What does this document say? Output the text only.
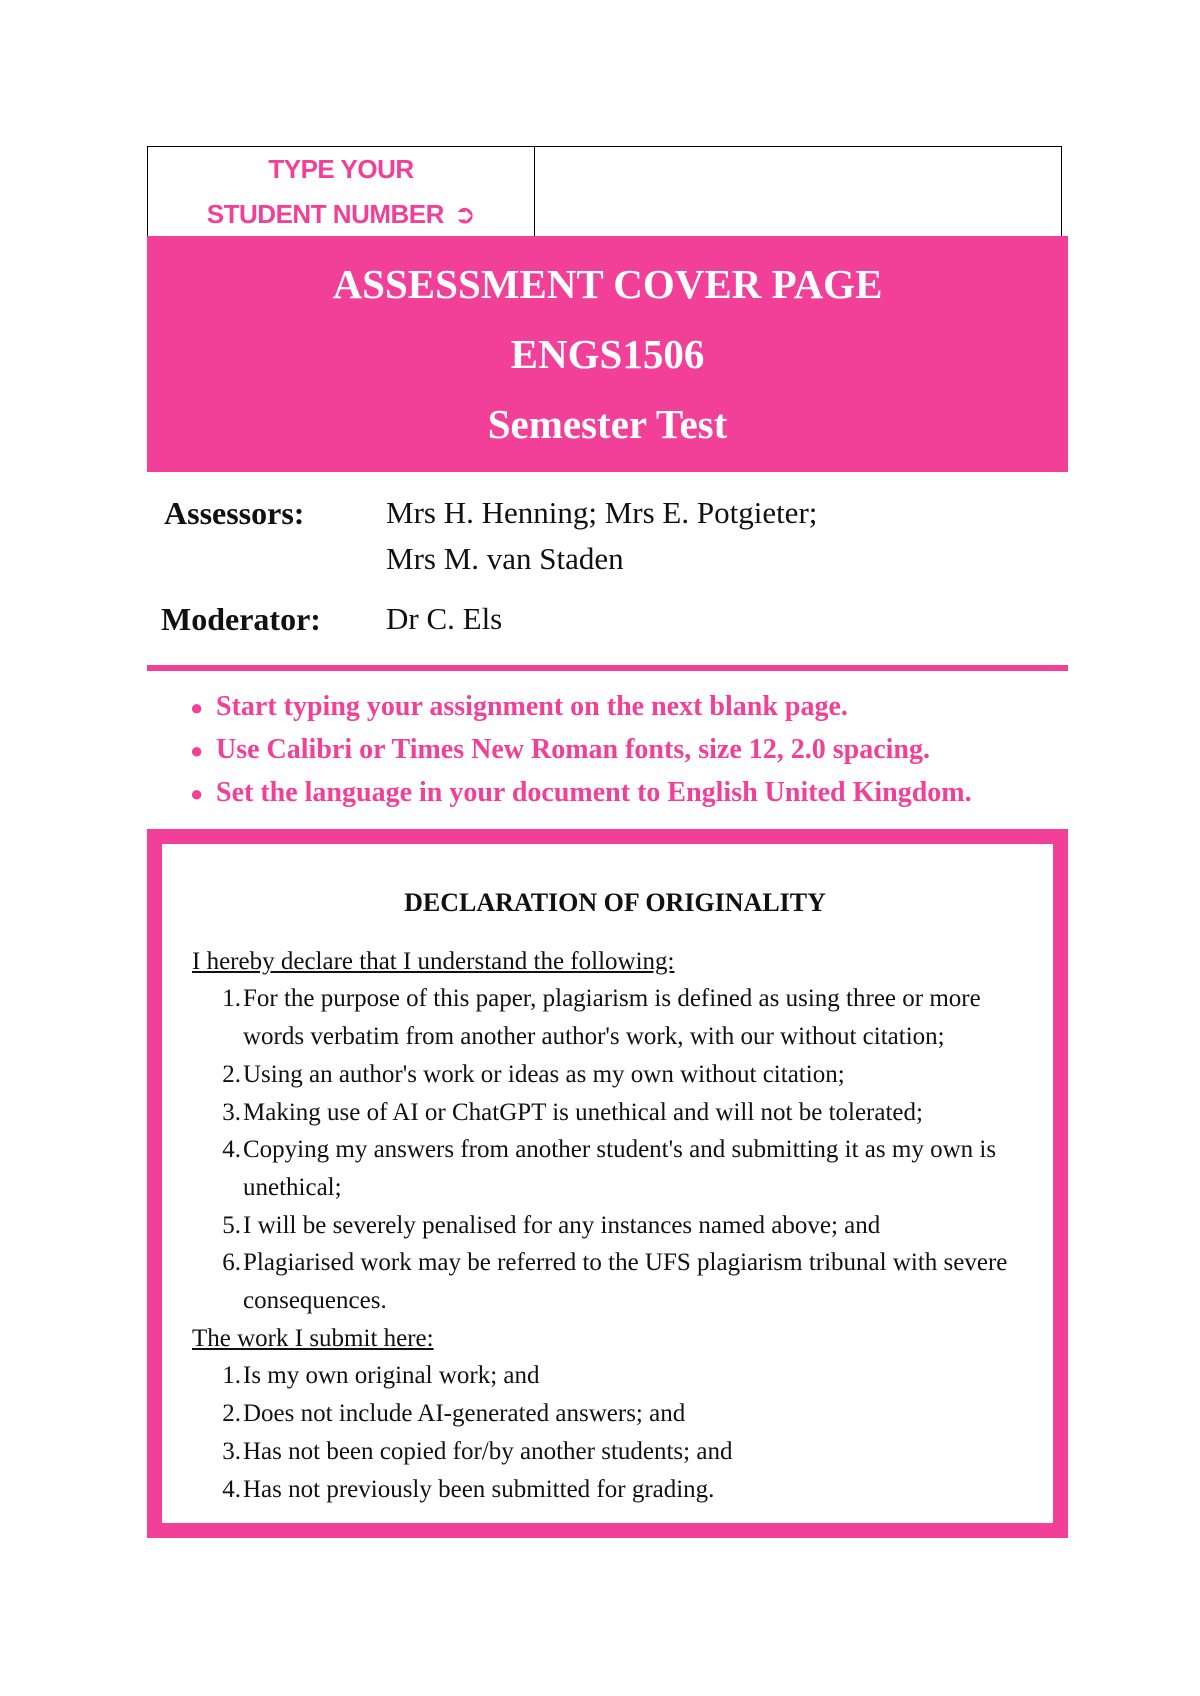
TYPE YOUR
STUDENT NUMBER ➲
ASSESSMENT COVER PAGE
ENGS1506
Semester Test
Assessors:	Mrs H. Henning; Mrs E. Potgieter;
Mrs M. van Staden
Moderator:	Dr C. Els
● Start typing your assignment on the next blank page.
● Use Calibri or Times New Roman fonts, size 12, 2.0 spacing.
● Set the language in your document to English United Kingdom.
DECLARATION OF ORIGINALITY

I hereby declare that I understand the following:

1. For the purpose of this paper, plagiarism is defined as using three or more words verbatim from another author's work, with our without citation;
2. Using an author's work or ideas as my own without citation;
3. Making use of AI or ChatGPT is unethical and will not be tolerated;
4. Copying my answers from another student's and submitting it as my own is unethical;
5. I will be severely penalised for any instances named above; and
6. Plagiarised work may be referred to the UFS plagiarism tribunal with severe consequences.

The work I submit here:

1. Is my own original work; and
2. Does not include AI-generated answers; and
3. Has not been copied for/by another students; and
4. Has not previously been submitted for grading.
